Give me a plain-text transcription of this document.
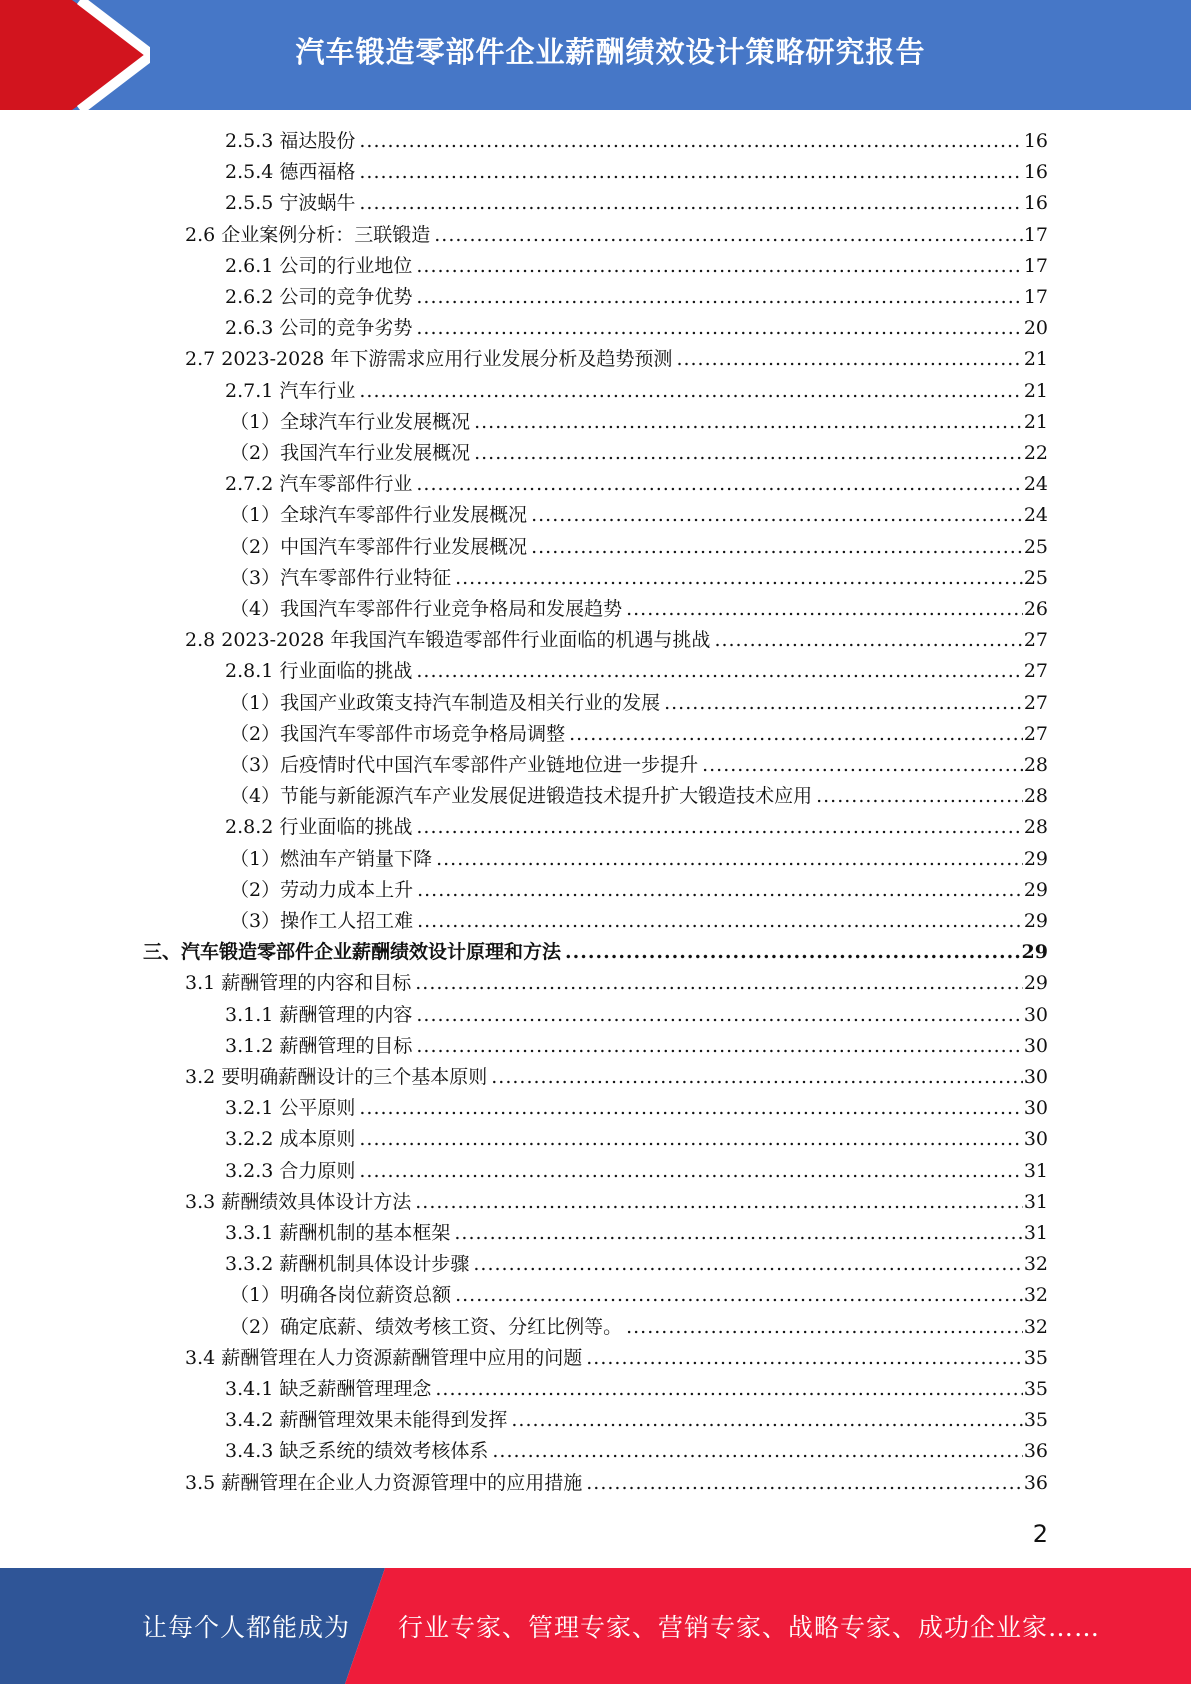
汽车锻造零部件企业薪酬绩效设计策略研究报告
2.5.3 福达股份 .....	16
2.5.4 德西福格 .....	16
2.5.5 宁波蜗牛 .....	16
2.6 企业案例分析：三联锻造 .....	17
2.6.1 公司的行业地位 .....	17
2.6.2 公司的竞争优势 .....	17
2.6.3 公司的竞争劣势 .....	20
2.7 2023-2028 年下游需求应用行业发展分析及趋势预测 .....	21
2.7.1 汽车行业 .....	21
（1）全球汽车行业发展概况 .....	21
（2）我国汽车行业发展概况 .....	22
2.7.2 汽车零部件行业 .....	24
（1）全球汽车零部件行业发展概况 .....	24
（2）中国汽车零部件行业发展概况 .....	25
（3）汽车零部件行业特征 .....	25
（4）我国汽车零部件行业竞争格局和发展趋势 .....	26
2.8 2023-2028 年我国汽车锻造零部件行业面临的机遇与挑战 .....	27
2.8.1 行业面临的挑战 .....	27
（1）我国产业政策支持汽车制造及相关行业的发展 .....	27
（2）我国汽车零部件市场竞争格局调整 .....	27
（3）后疫情时代中国汽车零部件产业链地位进一步提升 .....	28
（4）节能与新能源汽车产业发展促进锻造技术提升扩大锻造技术应用 .....	28
2.8.2 行业面临的挑战 .....	28
（1）燃油车产销量下降 .....	29
（2）劳动力成本上升 .....	29
（3）操作工人招工难 .....	29
三、汽车锻造零部件企业薪酬绩效设计原理和方法 .....	29
3.1 薪酬管理的内容和目标 .....	29
3.1.1 薪酬管理的内容 .....	30
3.1.2 薪酬管理的目标 .....	30
3.2 要明确薪酬设计的三个基本原则 .....	30
3.2.1 公平原则 .....	30
3.2.2 成本原则 .....	30
3.2.3 合力原则 .....	31
3.3 薪酬绩效具体设计方法 .....	31
3.3.1 薪酬机制的基本框架 .....	31
3.3.2 薪酬机制具体设计步骤 .....	32
（1）明确各岗位薪资总额 .....	32
（2）确定底薪、绩效考核工资、分红比例等。 .....	32
3.4 薪酬管理在人力资源薪酬管理中应用的问题 .....	35
3.4.1 缺乏薪酬管理理念 .....	35
3.4.2 薪酬管理效果未能得到发挥 .....	35
3.4.3 缺乏系统的绩效考核体系 .....	36
3.5 薪酬管理在企业人力资源管理中的应用措施 .....	36
2
让每个人都能成为 行业专家、管理专家、营销专家、战略专家、成功企业家……
